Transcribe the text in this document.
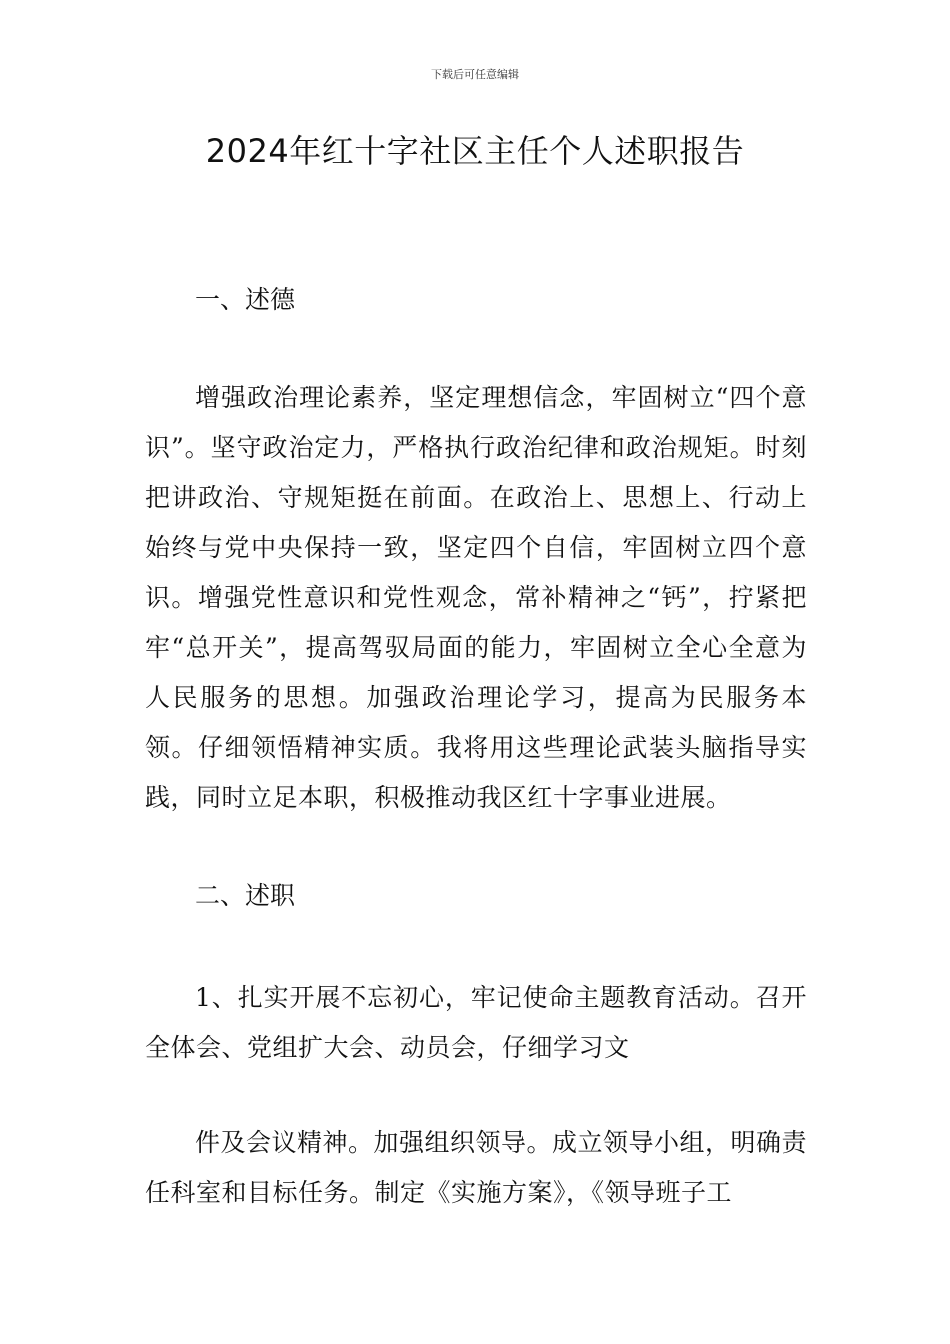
下载后可任意编辑
2024年红十字社区主任个人述职报告

一、述德

增强政治理论素养，坚定理想信念，牢固树立“四个意识”。坚守政治定力，严格执行政治纪律和政治规矩。时刻把讲政治、守规矩挺在前面。在政治上、思想上、行动上始终与党中央保持一致，坚定四个自信，牢固树立四个意识。增强党性意识和党性观念，常补精神之“钙”，拧紧把牢“总开关”，提高驾驭局面的能力，牢固树立全心全意为人民服务的思想。加强政治理论学习，提高为民服务本领。仔细领悟精神实质。我将用这些理论武装头脑指导实践，同时立足本职，积极推动我区红十字事业进展。

二、述职

1、扎实开展不忘初心，牢记使命主题教育活动。召开全体会、党组扩大会、动员会，仔细学习文

件及会议精神。加强组织领导。成立领导小组，明确责任科室和目标任务。制定《实施方案》，《领导班子工
